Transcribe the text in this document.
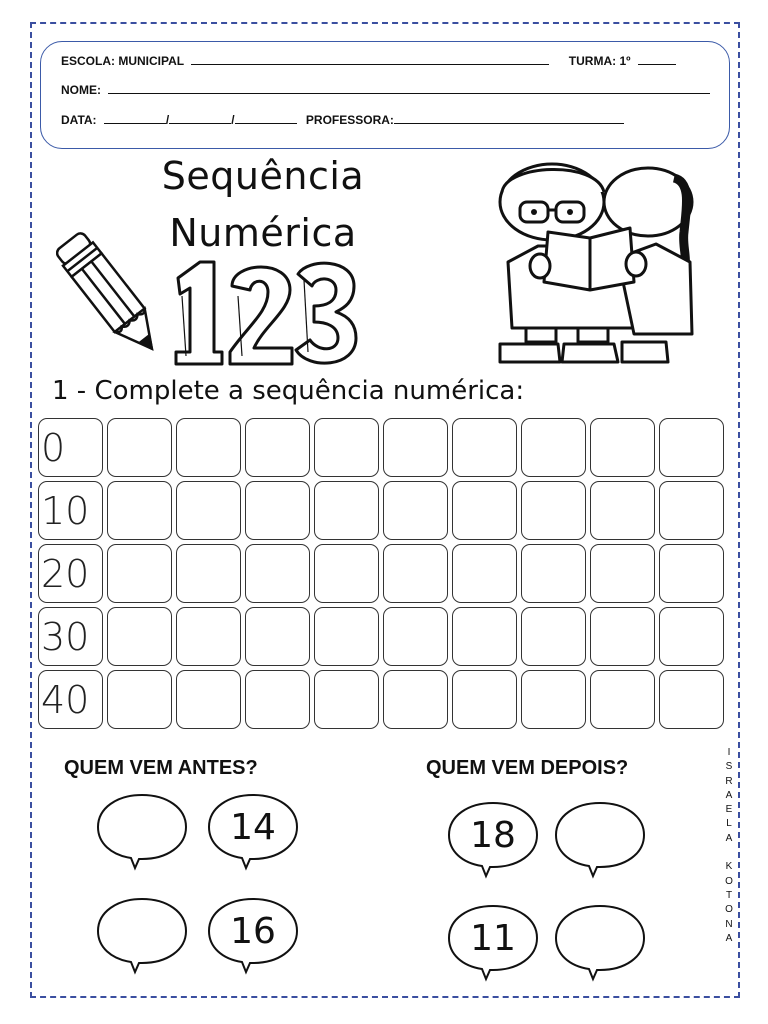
ESCOLA: MUNICIPAL	TURMA: 1º
NOME:
DATA:	/	/	PROFESSORA:
Sequência
Numérica
1 - Complete a sequência numérica:
0
10
20
30
40
QUEM VEM ANTES?	QUEM VEM DEPOIS?
14
16
18
11
I
S
R
A
E
L
A

K
O
T
O
N
A
